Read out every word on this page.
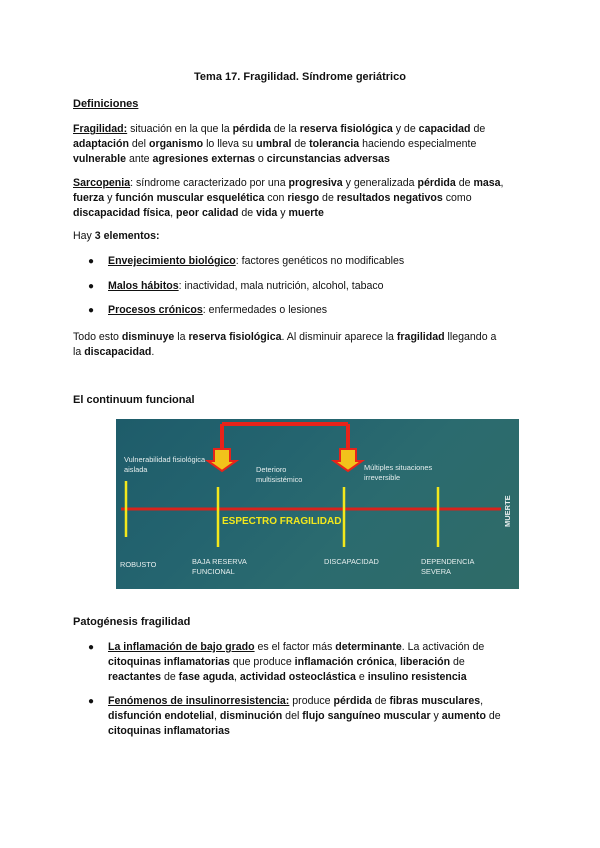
Tema 17. Fragilidad. Síndrome geriátrico
Definiciones
Fragilidad: situación en la que la pérdida de la reserva fisiológica y de capacidad de
adaptación del organismo lo lleva su umbral de tolerancia haciendo especialmente
vulnerable ante agresiones externas o circunstancias adversas
Sarcopenia: síndrome caracterizado por una progresiva y generalizada pérdida de masa,
fuerza y función muscular esquelética con riesgo de resultados negativos como
discapacidad física, peor calidad de vida y muerte
Hay 3 elementos:
● Envejecimiento biológico: factores genéticos no modificables
● Malos hábitos: inactividad, mala nutrición, alcohol, tabaco
● Procesos crónicos: enfermedades o lesiones
Todo esto disminuye la reserva fisiológica. Al disminuir aparece la fragilidad llegando a
la discapacidad.
El continuum funcional
Vulnerabilidad fisiológica aislada	Deterioro multisistémico
Múltiples situaciones irreversible
ESPECTRO FRAGILIDAD	MUERTE
ROBUSTO	BAJA RESERVA FUNCIONAL
DISCAPACIDAD	DEPENDENCIA SEVERA
Patogénesis fragilidad
● La inflamación de bajo grado es el factor más determinante. La activación de
citoquinas inflamatorias que produce inflamación crónica, liberación de
reactantes de fase aguda, actividad osteoclástica e insulino resistencia
● Fenómenos de insulinorresistencia: produce pérdida de fibras musculares,
disfunción endotelial, disminución del flujo sanguíneo muscular y aumento de
citoquinas inflamatorias
